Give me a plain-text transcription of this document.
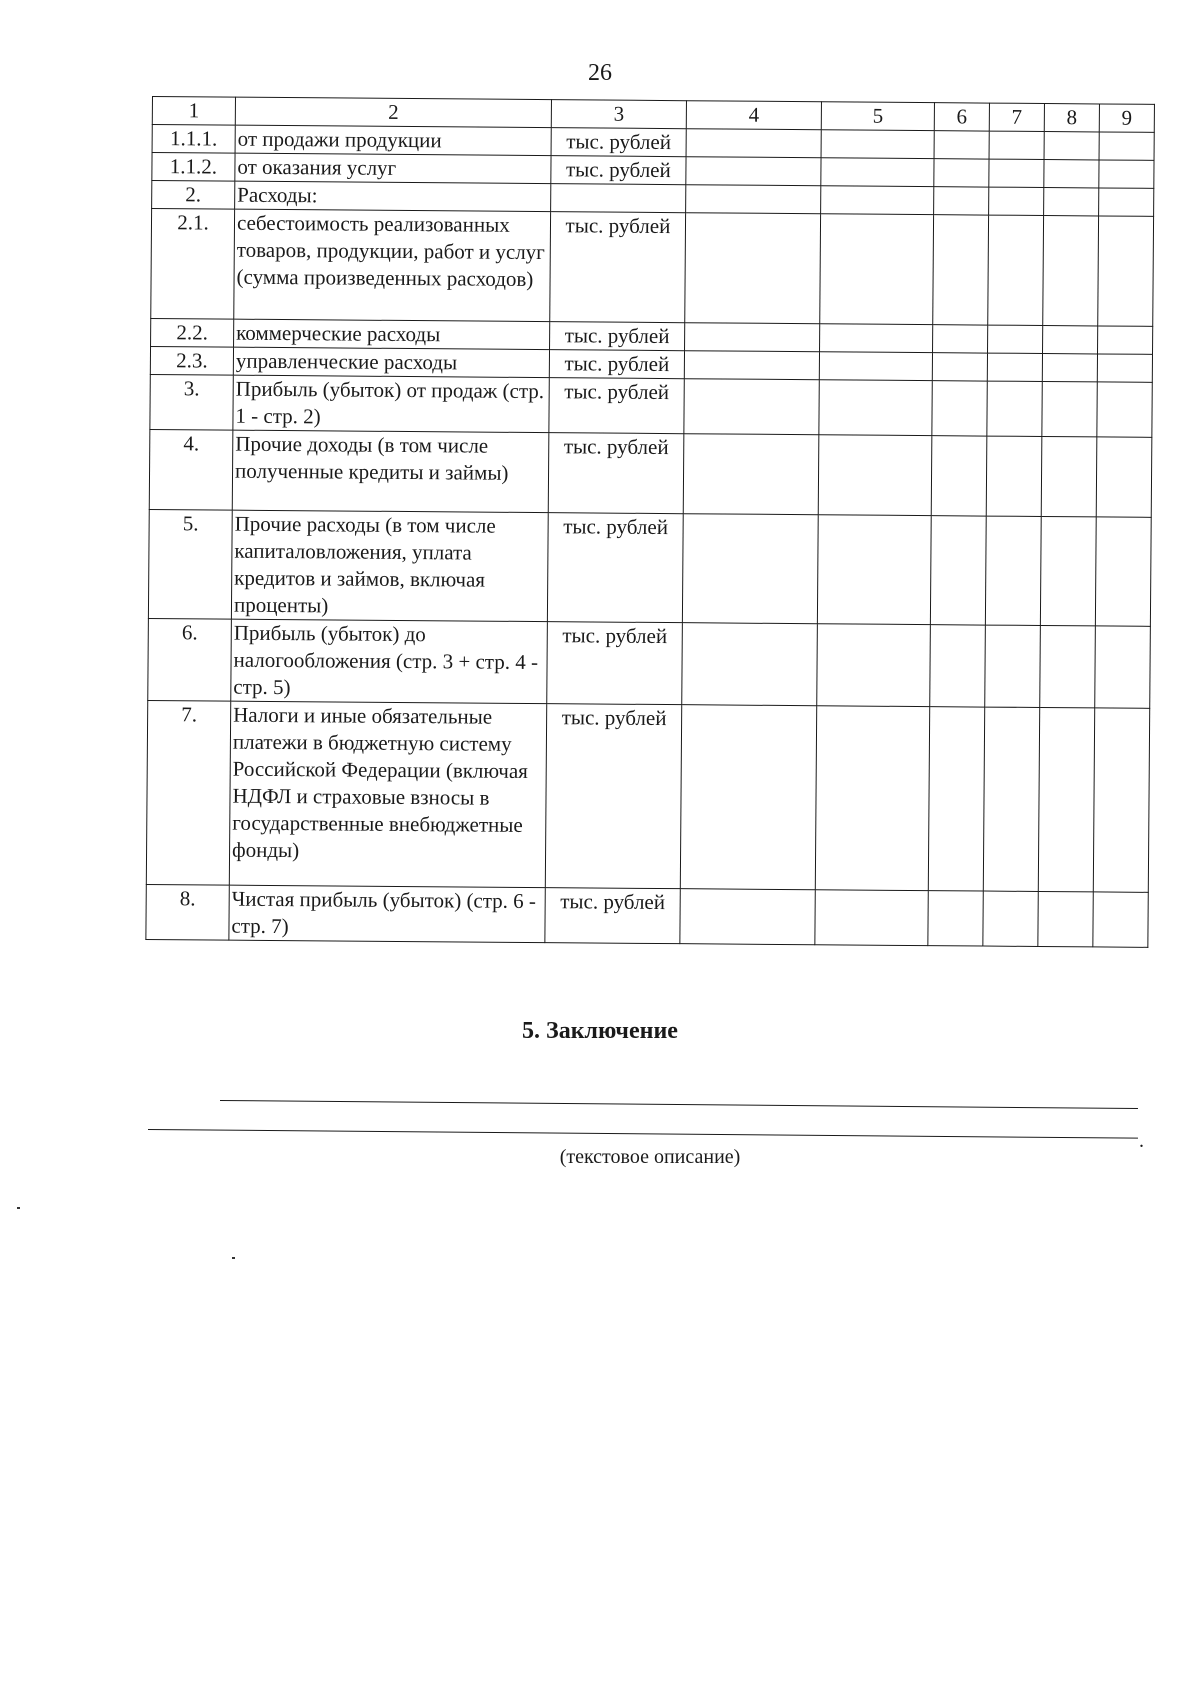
26
1	2	3	4	5	6	7	8	9
1.1.1.	от продажи продукции	тыс. рублей						
1.1.2.	от оказания услуг	тыс. рублей						
2.	Расходы:							
2.1.	себестоимость реализованных товаров, продукции, работ и услуг (сумма произведенных расходов)	тыс. рублей						
2.2.	коммерческие расходы	тыс. рублей						
2.3.	управленческие расходы	тыс. рублей						
3.	Прибыль (убыток) от продаж (стр. 1 - стр. 2)	тыс. рублей						
4.	Прочие доходы (в том числе полученные кредиты и займы)	тыс. рублей						
5.	Прочие расходы (в том числе капиталовложения, уплата кредитов и займов, включая проценты)	тыс. рублей						
6.	Прибыль (убыток) до налогообложения (стр. 3 + стр. 4 - стр. 5)	тыс. рублей						
7.	Налоги и иные обязательные платежи в бюджетную систему Российской Федерации (включая НДФЛ и страховые взносы в государственные внебюджетные фонды)	тыс. рублей						
8.	Чистая прибыль (убыток) (стр. 6 - стр. 7)	тыс. рублей						
5. Заключение
.
(текстовое описание)
